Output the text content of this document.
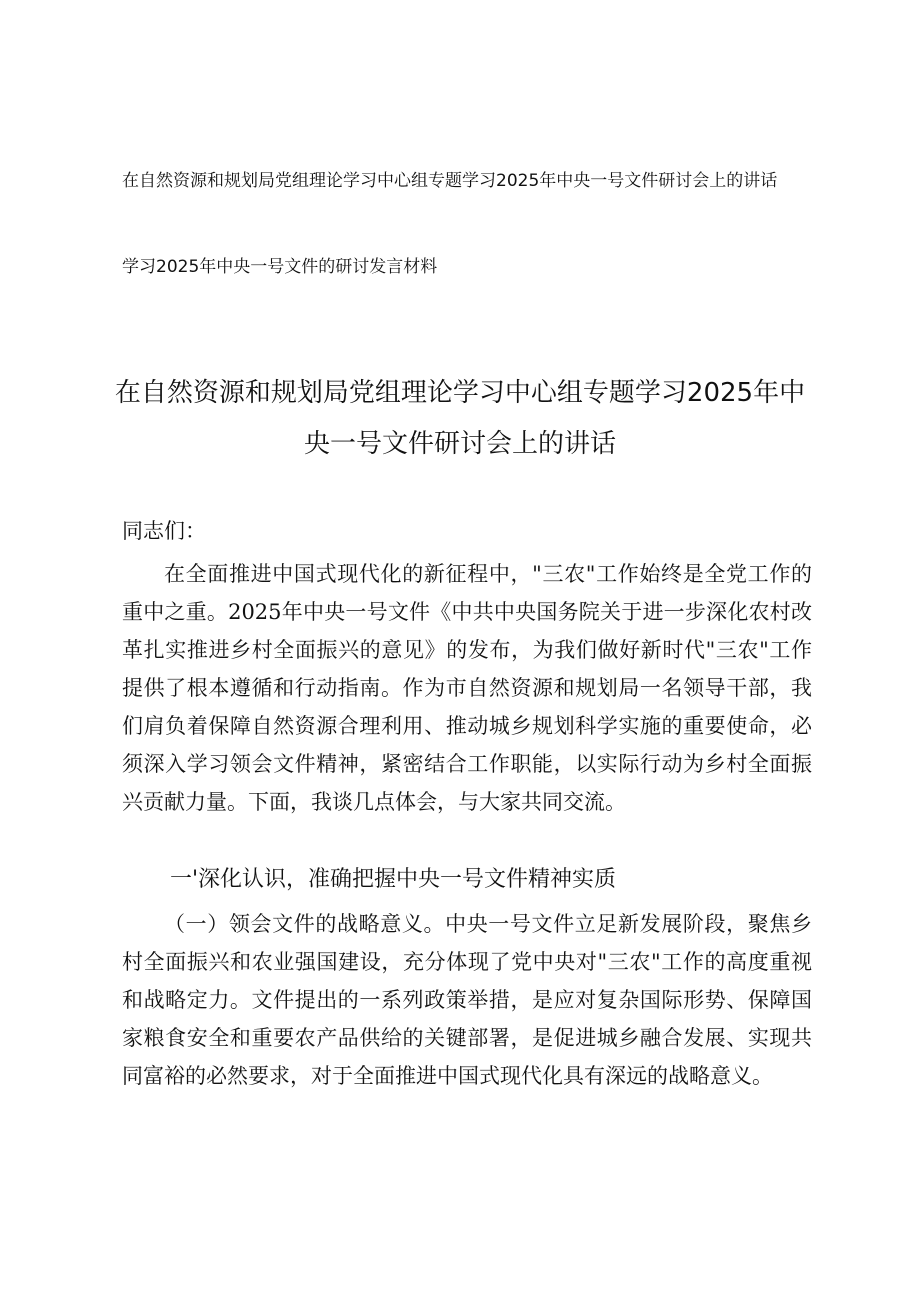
在自然资源和规划局党组理论学习中心组专题学习2025年中央一号文件研讨会上的讲话
学习2025年中央一号文件的研讨发言材料
在自然资源和规划局党组理论学习中心组专题学习2025年中央一号文件研讨会上的讲话

同志们：

在全面推进中国式现代化的新征程中，"三农"工作始终是全党工作的重中之重。2025年中央一号文件《中共中央国务院关于进一步深化农村改革扎实推进乡村全面振兴的意见》的发布，为我们做好新时代"三农"工作提供了根本遵循和行动指南。作为市自然资源和规划局一名领导干部，我们肩负着保障自然资源合理利用、推动城乡规划科学实施的重要使命，必须深入学习领会文件精神，紧密结合工作职能，以实际行动为乡村全面振兴贡献力量。下面，我谈几点体会，与大家共同交流。

一'深化认识，准确把握中央一号文件精神实质

（一）领会文件的战略意义。中央一号文件立足新发展阶段，聚焦乡村全面振兴和农业强国建设，充分体现了党中央对"三农"工作的高度重视和战略定力。文件提出的一系列政策举措，是应对复杂国际形势、保障国家粮食安全和重要农产品供给的关键部署，是促进城乡融合发展、实现共同富裕的必然要求，对于全面推进中国式现代化具有深远的战略意义。
